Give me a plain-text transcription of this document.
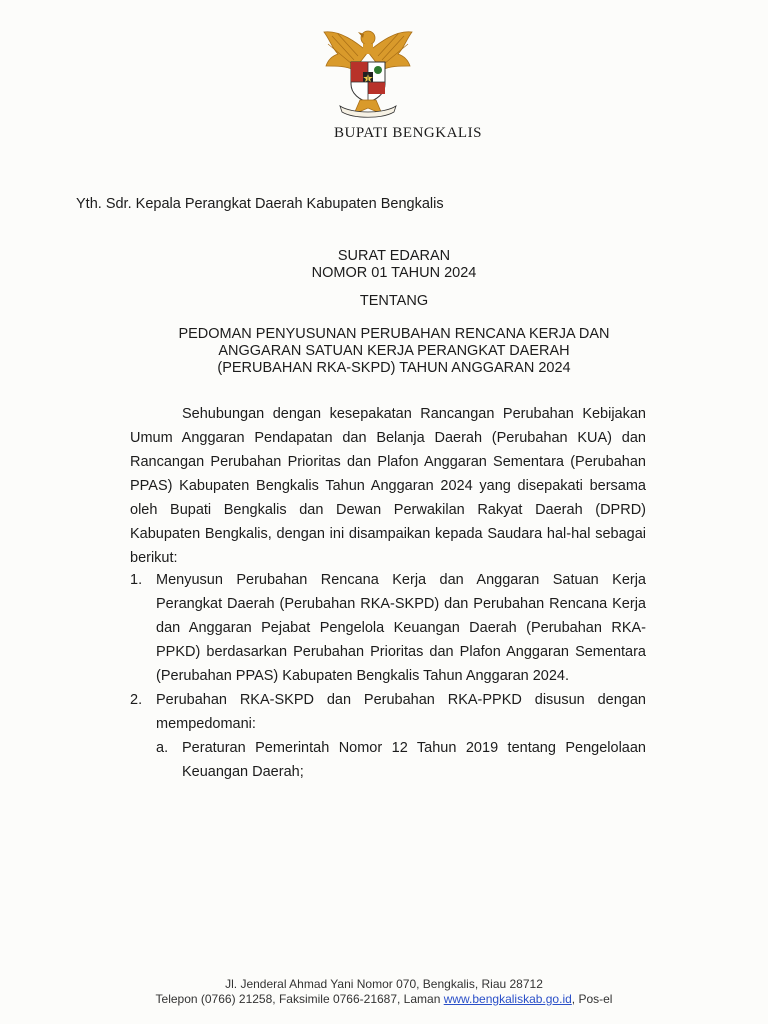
BUPATI BENGKALIS
Yth. Sdr. Kepala Perangkat Daerah Kabupaten Bengkalis
SURAT EDARAN
NOMOR 01 TAHUN 2024
TENTANG
PEDOMAN PENYUSUNAN PERUBAHAN RENCANA KERJA DAN
ANGGARAN SATUAN KERJA PERANGKAT DAERAH
(PERUBAHAN RKA-SKPD) TAHUN ANGGARAN 2024
Sehubungan dengan kesepakatan Rancangan Perubahan Kebijakan Umum Anggaran Pendapatan dan Belanja Daerah (Perubahan KUA) dan Rancangan Perubahan Prioritas dan Plafon Anggaran Sementara (Perubahan PPAS) Kabupaten Bengkalis Tahun Anggaran 2024 yang disepakati bersama oleh Bupati Bengkalis dan Dewan Perwakilan Rakyat Daerah (DPRD) Kabupaten Bengkalis, dengan ini disampaikan kepada Saudara hal-hal sebagai berikut:
1. Menyusun Perubahan Rencana Kerja dan Anggaran Satuan Kerja Perangkat Daerah (Perubahan RKA-SKPD) dan Perubahan Rencana Kerja dan Anggaran Pejabat Pengelola Keuangan Daerah (Perubahan RKA-PPKD) berdasarkan Perubahan Prioritas dan Plafon Anggaran Sementara (Perubahan PPAS) Kabupaten Bengkalis Tahun Anggaran 2024.
2. Perubahan RKA-SKPD dan Perubahan RKA-PPKD disusun dengan mempedomani:
a. Peraturan Pemerintah Nomor 12 Tahun 2019 tentang Pengelolaan Keuangan Daerah;
Jl. Jenderal Ahmad Yani Nomor 070, Bengkalis, Riau 28712
Telepon (0766) 21258, Faksimile 0766-21687, Laman www.bengkaliskab.go.id, Pos-el
